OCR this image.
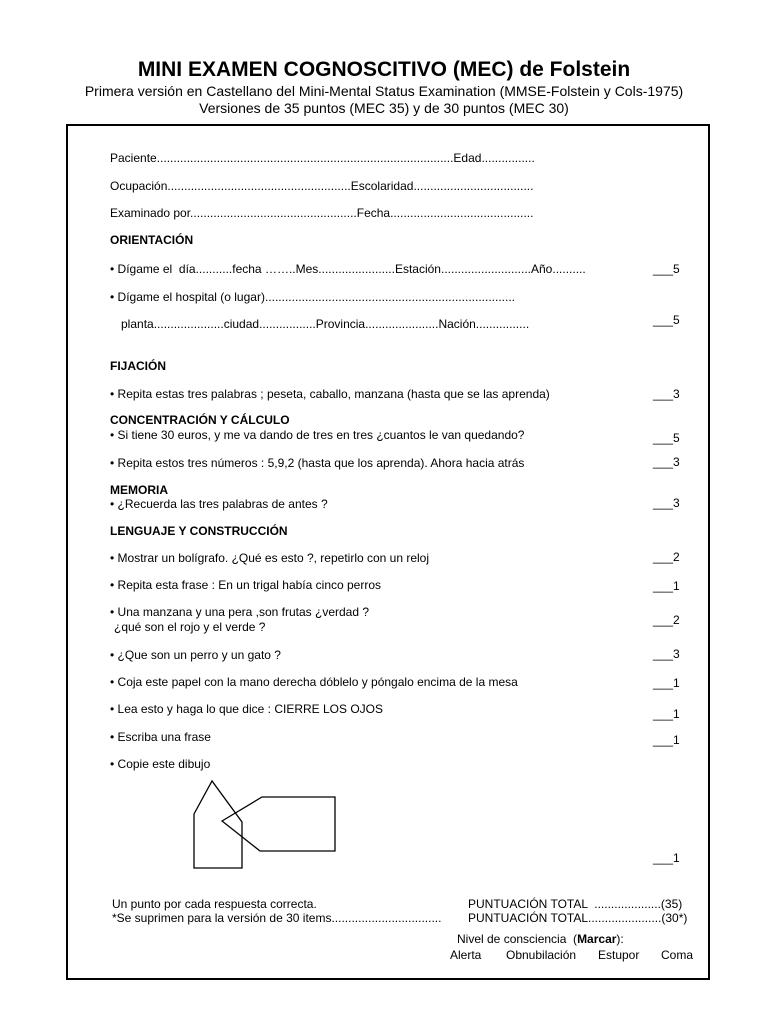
MINI EXAMEN COGNOSCITIVO (MEC) de Folstein
Primera versión en Castellano del Mini-Mental Status Examination (MMSE-Folstein y Cols-1975)
Versiones de 35 puntos (MEC 35) y de 30 puntos (MEC 30)
Paciente.........................................................................................Edad................
Ocupación.......................................................Escolaridad....................................
Examinado por..................................................Fecha...........................................
ORIENTACIÓN
• Dígame el  día...........fecha ……..Mes.......................Estación...........................Año..........	___5
• Dígame el hospital (o lugar)...........................................................................
planta.....................ciudad.................Provincia......................Nación................	___5
FIJACIÓN
• Repita estas tres palabras ; peseta, caballo, manzana (hasta que se las aprenda)	___3
CONCENTRACIÓN Y CÁLCULO
• Si tiene 30 euros, y me va dando de tres en tres ¿cuantos le van quedando?	___5
• Repita estos tres números : 5,9,2 (hasta que los aprenda). Ahora hacia atrás	___3
MEMORIA
• ¿Recuerda las tres palabras de antes ?	___3
LENGUAJE Y CONSTRUCCIÓN
• Mostrar un bolígrafo. ¿Qué es esto ?, repetirlo con un reloj	___2
• Repita esta frase : En un trigal había cinco perros	___1
• Una manzana y una pera ,son frutas ¿verdad ?
¿qué son el rojo y el verde ?	___2
• ¿Que son un perro y un gato ?	___3
• Coja este papel con la mano derecha dóblelo y póngalo encima de la mesa	___1
• Lea esto y haga lo que dice : CIERRE LOS OJOS	___1
• Escriba una frase	___1
• Copie este dibujo
___1
Un punto por cada respuesta correcta.	PUNTUACIÓN TOTAL  ....................(35)
*Se suprimen para la versión de 30 items................................. PUNTUACIÓN TOTAL......................(30*)
Nivel de consciencia  (Marcar):
Alerta Obnubilación Estupor Coma
